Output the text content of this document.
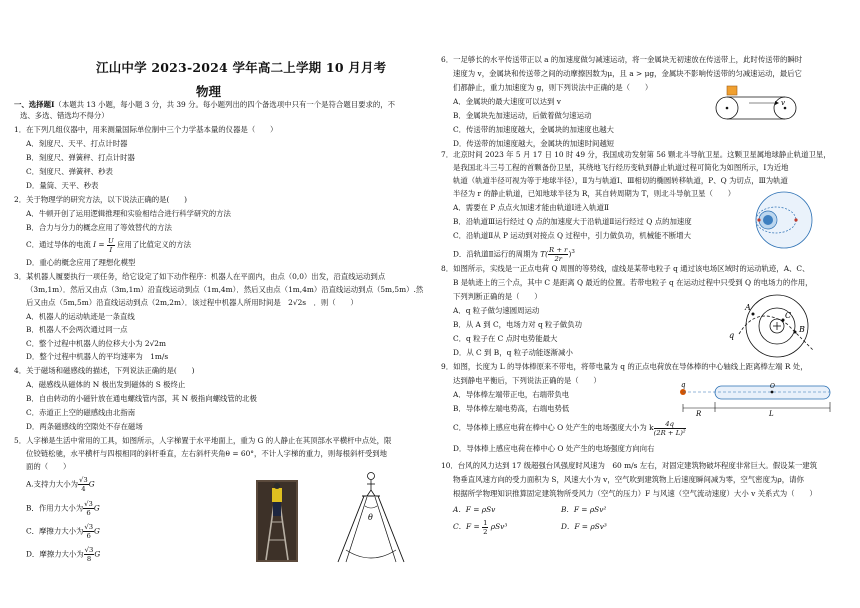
江山中学 2023-2024 学年高二上学期 10 月月考
物理
一、选择题Ⅰ（本题共 13 小题，每小题 3 分，共 39 分。每小题列出的四个备选项中只有一个是符合题目要求的，不
选、多选、错选均不得分）
1．在下列几组仪器中，用来测量国际单位制中三个力学基本量的仪器是（　　）
A．刻度尺、天平、打点计时器
B．刻度尺、弹簧秤、打点计时器
C．刻度尺、弹簧秤、秒表
D．量筒、天平、秒表
2．关于物理学的研究方法，以下说法正确的是(　　)
A．牛顿开创了运用逻辑推理和实验相结合进行科学研究的方法
B．合力与分力的概念应用了等效替代的方法
C．通过导体的电流 $I = \frac{U}{I}$ 应用了比值定义的方法
D．重心的概念应用了理想化模型
3．某机器人履要执行一项任务，给它设定了如下动作程序：机器人在平面内，由点（0,0）出发，沿直线运动到点
（3m,1m）．然后又由点（3m,1m）沿直线运动到点（1m,4m）．然后又由点（1m,4m）沿直线运动到点（5m,5m）.然
后又由点（5m,5m）沿直线运动到点（2m,2m）．该过程中机器人所用时间是　2√2s　．则（　　）
A．机器人的运动轨迹是一条直线
B．机器人不会两次通过同一点
C．整个过程中机器人的位移大小为 2√2m
D．整个过程中机器人的平均速率为　1m/s
4．关于磁场和磁感线的描述，下列说法正确的是(　　)
A．磁感线从磁体的 N 极出发到磁体的 S 极终止
B．自由转动的小磁针放在通电螺线管内部，其 N 极指向螺线管的北极
C．赤道正上空的磁感线由北指南
D．两条磁感线的空隙处不存在磁场
5．人字梯是生活中常用的工具，如图所示，人字梯置于水平地面上，重为 G 的人静止在其顶部水平横杆中点处，限
位铰链松驰，水平横杆与四根相同的斜杆垂直，左右斜杆夹角θ = 60°，不计人字梯的重力，则每根斜杆受到地
面的（　　）
A.支持力大小为 $\frac{√3}{4}$ G
B．作用力大小为 $\frac{√3}{6}$ G
C．摩擦力大小为 $\frac{√3}{6}$ G
D．摩擦力大小为 $\frac{√3}{8}$ G
θ
6．一足够长的水平传送带正以 a 的加速度做匀减速运动，将一金属块无初速放在传送带上，此时传送带的瞬时
速度为 v，金属块和传送带之间的动摩擦因数为μ，且 a > μg，金属块不影响传送带的匀减速运动，最后它
们都静止，重力加速度为 g，则下列说法中正确的是（　　）
A．金属块的最大速度可以达到 v
B．金属块先加速运动，后做着做匀速运动
C．传送带的加速度越大，金属块的加速度也越大
D．传送带的加速度越大，金属块的加速时间越短
v
7．北京时间 2023 年 5 月 17 日 10 时 49 分，我国成功发射第 56 颗北斗导航卫星。这颗卫星属地球静止轨道卫星，
是我国北斗三号工程的首颗备份卫星，其绕地飞行经历变轨到静止轨道过程可简化为如图所示，Ⅰ为近地
轨道（轨道半径可视为等于地球半径），Ⅱ为与轨道Ⅰ、Ⅲ相切的椭圆转移轨道，P、Q 为切点，Ⅲ为轨道
半径为 r 的静止轨道，已知地球半径为 R，其自转周期为 T，则北斗导航卫星（　　）
A．需要在 P 点点火加速才能由轨道Ⅰ进入轨道Ⅱ
B．沿轨道Ⅲ运行经过 Q 点的加速度大于沿轨道Ⅱ运行经过 Q 点的加速度
C．沿轨道Ⅱ从 P 运动到对接点 Q 过程中，引力做负功，机械能不断增大
D．沿轨道Ⅱ运行的周期为 $T( \frac{R + r}{2r} )^3$
8．如图所示，实线是一正点电荷 Q 周围的等势线，虚线是某带电粒子 q 通过该电场区域时的运动轨迹，A、C、
B 是轨迹上的三个点，其中 C 是距离 Q 最近的位置。若带电粒子 q 在运动过程中只受到 Q 的电场力的作用，
下列判断正确的是（　　）
A．q 粒子做匀速圆周运动
B．从 A 到 C，电场力对 q 粒子做负功
C．q 粒子在 C 点时电势能最大
D．从 C 到 B，q 粒子动能逐渐减小
A
C
B
q
9．如图，长度为 L 的导体棒原来不带电，将带电量为 q 的正点电荷放在导体棒的中心轴线上距离棒左端 R 处，
达到静电平衡后，下列说法正确的是（　　）
A．导体棒左端带正电，右端带负电
B．导体棒左端电势高，右端电势低
C．导体棒上感应电荷在棒中心 O 处产生的电场强度大小为 k $\frac{4q}{\text{(2R + L)²}}$
D．导体棒上感应电荷在棒中心 O 处产生的电场强度方向向右
q	O
R	L
10．台风的风力达到 17 级超强台风强度时风速为　60 m/s 左右，对固定建筑物破坏程度非常巨大。假设某一建筑
物垂直风速方向的受力面积为 S，风速大小为 v，空气吹到建筑物上后速度瞬间减为零，空气密度为ρ，请你
根据所学物理知识推算固定建筑物所受风力（空气的压力）F 与风速（空气流动速度）大小 v 关系式为（　　）
A．F = ρSv	B．F = ρSv²
C．$F = \frac{1}{2} \rho Sv^3$	D．F = ρSv³
